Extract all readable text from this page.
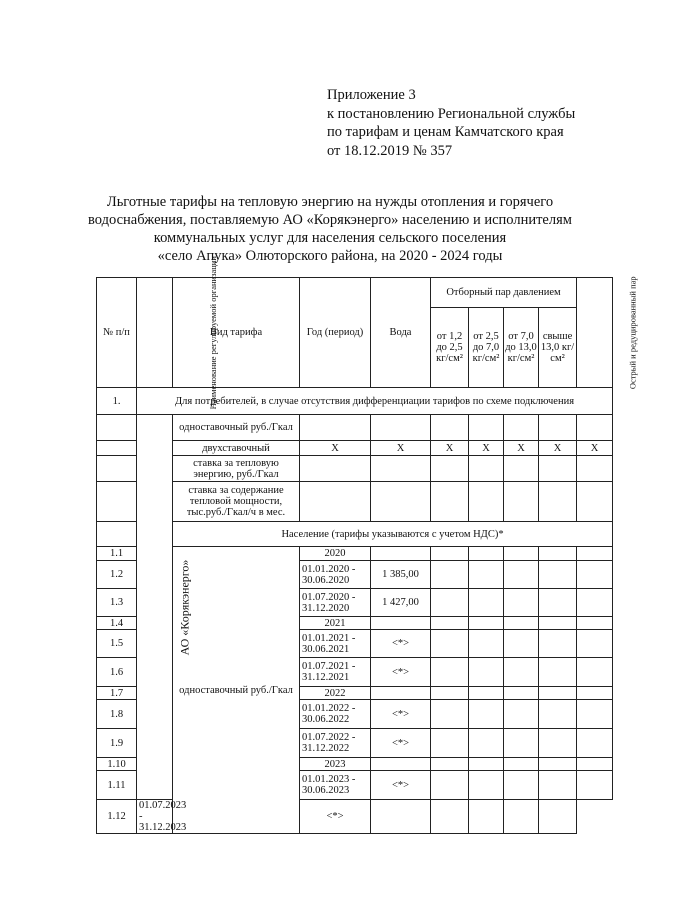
Приложение 3
к постановлению Региональной службы
по тарифам и ценам Камчатского края
от 18.12.2019 № 357
Льготные тарифы на тепловую энергию на нужды отопления и горячего
водоснабжения, поставляемую АО «Корякэнерго» населению и исполнителям
коммунальных услуг для населения сельского поселения
«село Апука» Олюторского района, на 2020 - 2024 годы
№ п/п	Наименование регулируемой организации	Вид тарифа	Год (период)	Вода	Отборный пар давлением				Острый и редуцированный пар
					от 1,2 до 2,5 кг/см²	от 2,5 до 7,0 кг/см²	от 7,0 до 13,0 кг/см²	свыше 13,0 кг/см²	
1.	Для потребителей, в случае отсутствия дифференциации тарифов по схеме подключения								
	АО «Корякэнерго»	одноставочный руб./Гкал							
		двухставочный	X	X	X	X	X	X	X
		ставка за тепловую энергию, руб./Гкал							
		ставка за содержание тепловой мощности, тыс.руб./Гкал/ч в мес.							
		Население (тарифы указываются с учетом НДС)*							
1.1		одноставочный руб./Гкал	2020						
1.2			01.01.2020 - 30.06.2020	1 385,00					
1.3			01.07.2020 - 31.12.2020	1 427,00					
1.4			2021						
1.5			01.01.2021 - 30.06.2021	<*>					
1.6			01.07.2021 - 31.12.2021	<*>					
1.7			2022						
1.8			01.01.2022 - 30.06.2022	<*>					
1.9			01.07.2022 - 31.12.2022	<*>					
1.10			2023						
1.11			01.01.2023 - 30.06.2023	<*>					
1.12	01.07.2023 - 31.12.2023		<*>						
